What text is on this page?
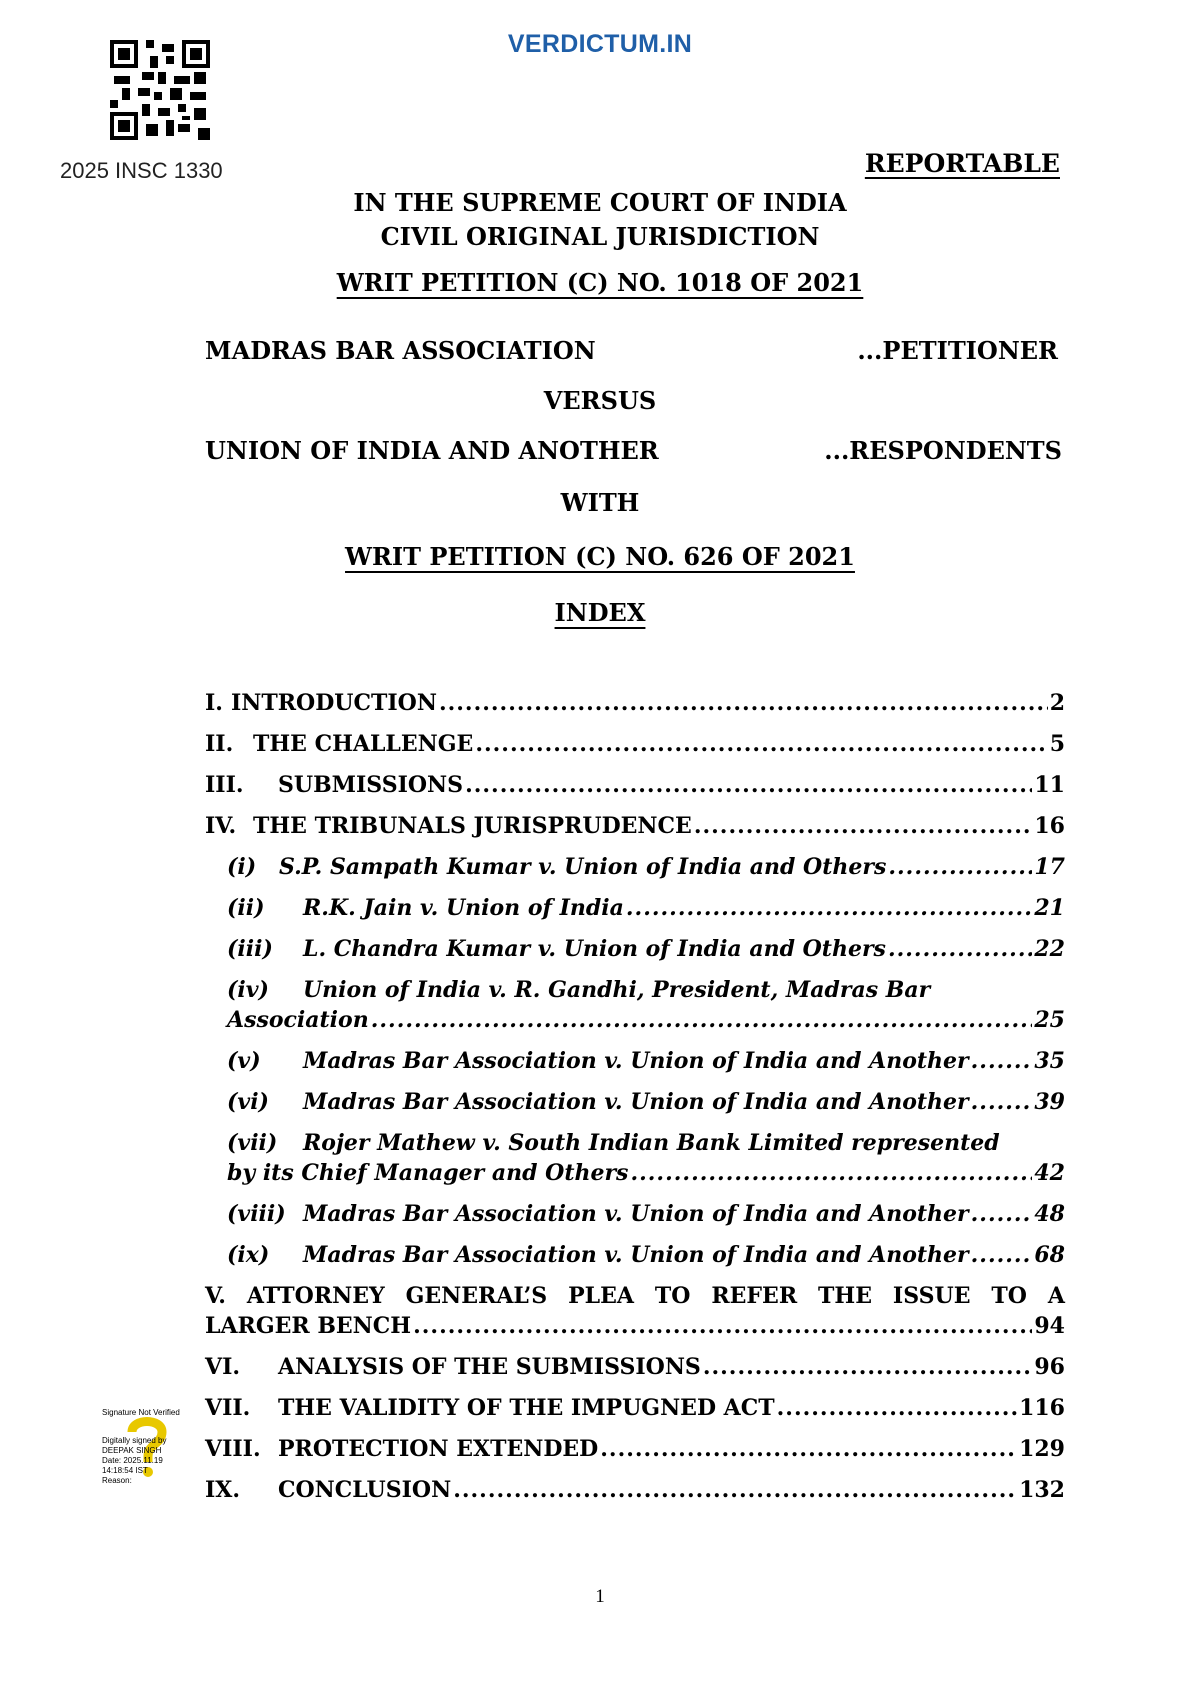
VERDICTUM.IN
2025 INSC 1330	REPORTABLE
IN THE SUPREME COURT OF INDIA
CIVIL ORIGINAL JURISDICTION
WRIT PETITION (C) NO. 1018 OF 2021
MADRAS BAR ASSOCIATION	...PETITIONER
VERSUS
UNION OF INDIA AND ANOTHER	...RESPONDENTS
WITH
WRIT PETITION (C) NO. 626 OF 2021
INDEX
I. INTRODUCTION .....	2
II. THE CHALLENGE .....	5
III.	SUBMISSIONS .....	11
IV. THE TRIBUNALS JURISPRUDENCE .....	16
(i)	S.P. Sampath Kumar v. Union of India and Others .....	17
(ii)	R.K. Jain v. Union of India .....	21
(iii)	L. Chandra Kumar v. Union of India and Others .....	22
(iv) Union of India v. R. Gandhi, President, Madras Bar
Association .....	25
(v)	Madras Bar Association v. Union of India and Another .....	35
(vi)	Madras Bar Association v. Union of India and Another .....	39
(vii) Rojer Mathew v. South Indian Bank Limited represented
by its Chief Manager and Others .....	42
(viii) Madras Bar Association v. Union of India and Another .....	48
(ix)	Madras Bar Association v. Union of India and Another .....	68
V. ATTORNEY GENERAL’S PLEA TO REFER THE ISSUE TO A
LARGER BENCH .....	94
VI.	ANALYSIS OF THE SUBMISSIONS .....	96
VII.	THE VALIDITY OF THE IMPUGNED ACT .....	116
VIII. PROTECTION EXTENDED .....	129
IX.	CONCLUSION .....	132
Signature Not Verified
Digitally signed by
DEEPAK SINGH
Date: 2025.11.19
14:18:54 IST
Reason:
1
